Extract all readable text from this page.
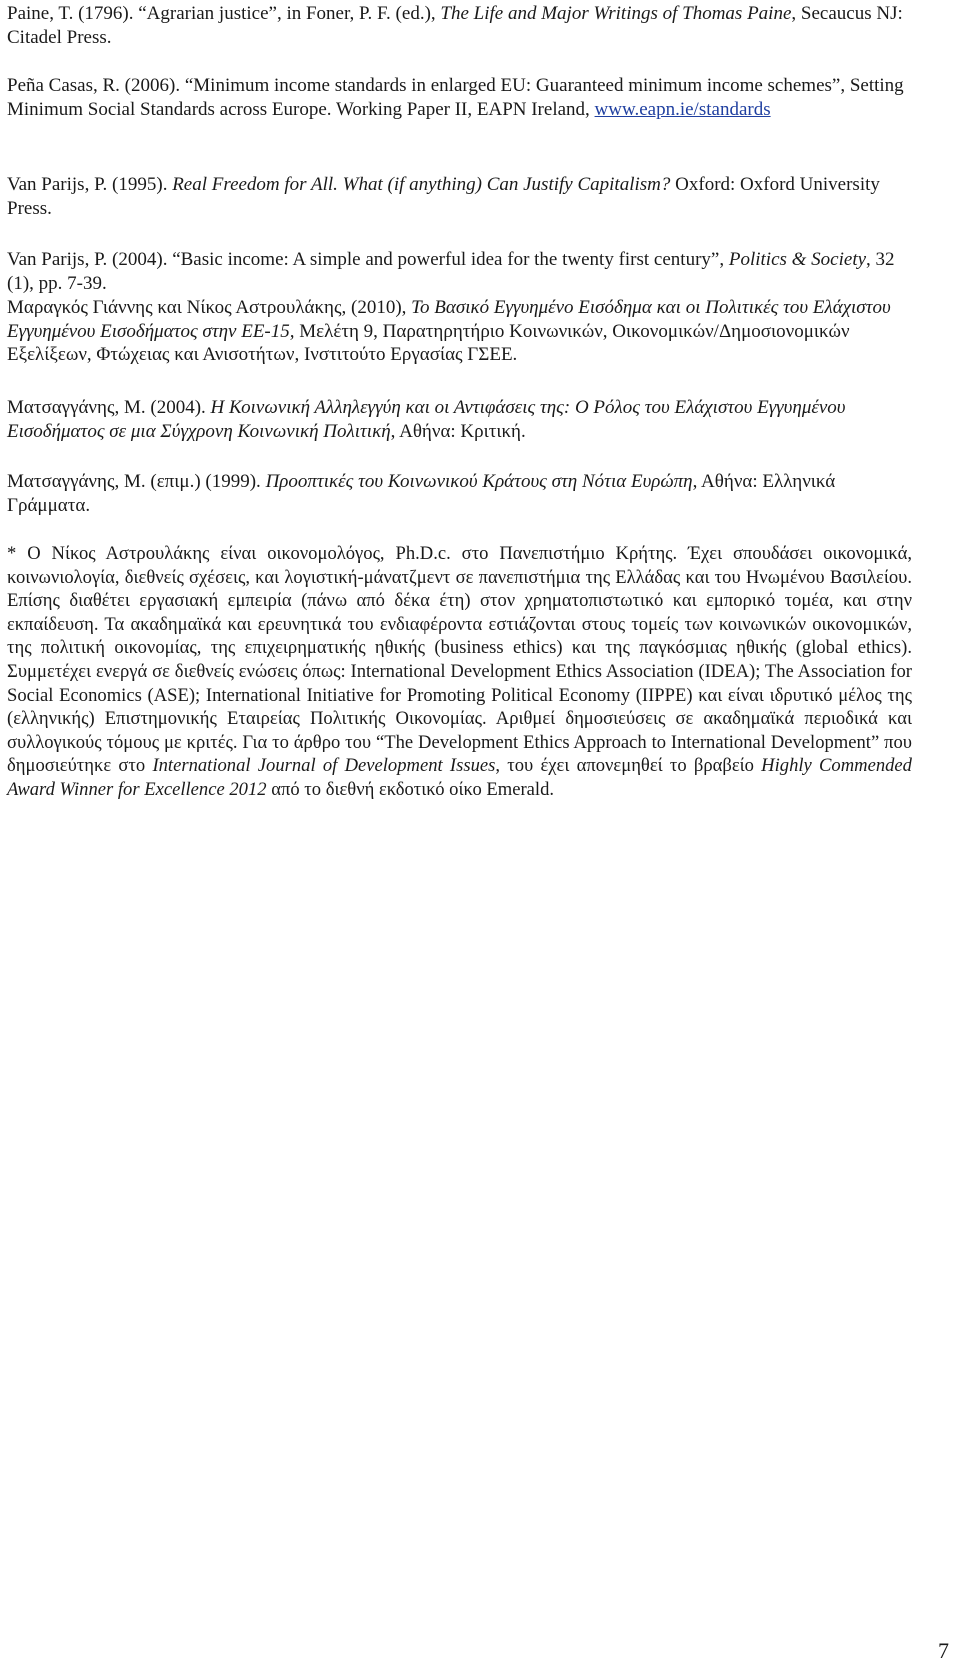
Paine, T. (1796). “Agrarian justice”, in Foner, P. F. (ed.), The Life and Major Writings of Thomas Paine, Secaucus NJ: Citadel Press.

Peña Casas, R. (2006). “Minimum income standards in enlarged EU: Guaranteed minimum income schemes”, Setting Minimum Social Standards across Europe. Working Paper II, EAPN Ireland, www.eapn.ie/standards

Van Parijs, P. (1995). Real Freedom for All. What (if anything) Can Justify Capitalism? Oxford: Oxford University Press.

Van Parijs, P. (2004). “Basic income: A simple and powerful idea for the twenty first century”, Politics & Society, 32 (1), pp. 7-39.

Μαραγκός Γιάννης και Νίκος Αστρουλάκης, (2010), Το Βασικό Εγγυημένο Εισόδημα και οι Πολιτικές του Ελάχιστου Εγγυημένου Εισοδήματος στην ΕΕ-15, Μελέτη 9, Παρατηρητήριο Κοινωνικών, Οικονομικών/Δημοσιονομικών Εξελίξεων, Φτώχειας και Ανισοτήτων, Ινστιτούτο Εργασίας ΓΣΕΕ.

Ματσαγγάνης, Μ. (2004). Η Κοινωνική Αλληλεγγύη και οι Αντιφάσεις της: Ο Ρόλος του Ελάχιστου Εγγυημένου Εισοδήματος σε μια Σύγχρονη Κοινωνική Πολιτική, Αθήνα: Κριτική.

Ματσαγγάνης, Μ. (επιμ.) (1999). Προοπτικές του Κοινωνικού Κράτους στη Νότια Ευρώπη, Αθήνα: Ελληνικά Γράμματα.

* Ο Νίκος Αστρουλάκης είναι οικονομολόγος, Ph.D.c. στο Πανεπιστήμιο Κρήτης. Έχει σπουδάσει οικονομικά, κοινωνιολογία, διεθνείς σχέσεις, και λογιστική-μάνατζμεντ σε πανεπιστήμια της Ελλάδας και του Ηνωμένου Βασιλείου. Επίσης διαθέτει εργασιακή εμπειρία (πάνω από δέκα έτη) στον χρηματοπιστωτικό και εμπορικό τομέα, και στην εκπαίδευση. Τα ακαδημαϊκά και ερευνητικά του ενδιαφέροντα εστιάζονται στους τομείς των κοινωνικών οικονομικών, της πολιτική οικονομίας, της επιχειρηματικής ηθικής (business ethics) και της παγκόσμιας ηθικής (global ethics). Συμμετέχει ενεργά σε διεθνείς ενώσεις όπως: International Development Ethics Association (IDEA); The Association for Social Economics (ASE); International Initiative for Promoting Political Economy (IIPPE) και είναι ιδρυτικό μέλος της (ελληνικής) Επιστημονικής Εταιρείας Πολιτικής Οικονομίας. Αριθμεί δημοσιεύσεις σε ακαδημαϊκά περιοδικά και συλλογικούς τόμους με κριτές. Για το άρθρο του “The Development Ethics Approach to International Development” που δημοσιεύτηκε στο International Journal of Development Issues, του έχει απονεμηθεί το βραβείο Highly Commended Award Winner for Excellence 2012 από το διεθνή εκδοτικό οίκο Emerald.

7
